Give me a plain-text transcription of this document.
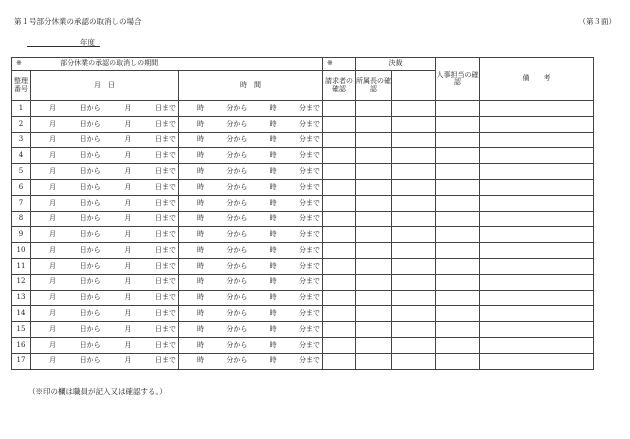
第１号部分休業の承認の取消しの場合	（第３面）
年度
※ 部分休業の承認の取消しの期間			※	決裁		人事担当の確認	備　　考
整理番号	月　日	時　間	請求者の確認	所属長の確認			
1	月 日から 月 日まで	時 分から 時 分まで					

2	月 日から 月 日まで	時 分から 時 分まで					

3	月 日から 月 日まで	時 分から 時 分まで					

4	月 日から 月 日まで	時 分から 時 分まで					

5	月 日から 月 日まで	時 分から 時 分まで					

6	月 日から 月 日まで	時 分から 時 分まで					

7	月 日から 月 日まで	時 分から 時 分まで					

8	月 日から 月 日まで	時 分から 時 分まで					

9	月 日から 月 日まで	時 分から 時 分まで					

10	月 日から 月 日まで	時 分から 時 分まで					

11	月 日から 月 日まで	時 分から 時 分まで					

12	月 日から 月 日まで	時 分から 時 分まで					

13	月 日から 月 日まで	時 分から 時 分まで					

14	月 日から 月 日まで	時 分から 時 分まで					

15	月 日から 月 日まで	時 分から 時 分まで					

16	月 日から 月 日まで	時 分から 時 分まで					

17	月 日から 月 日まで	時 分から 時 分まで					

（※印の欄は職員が記入又は確認する。）
